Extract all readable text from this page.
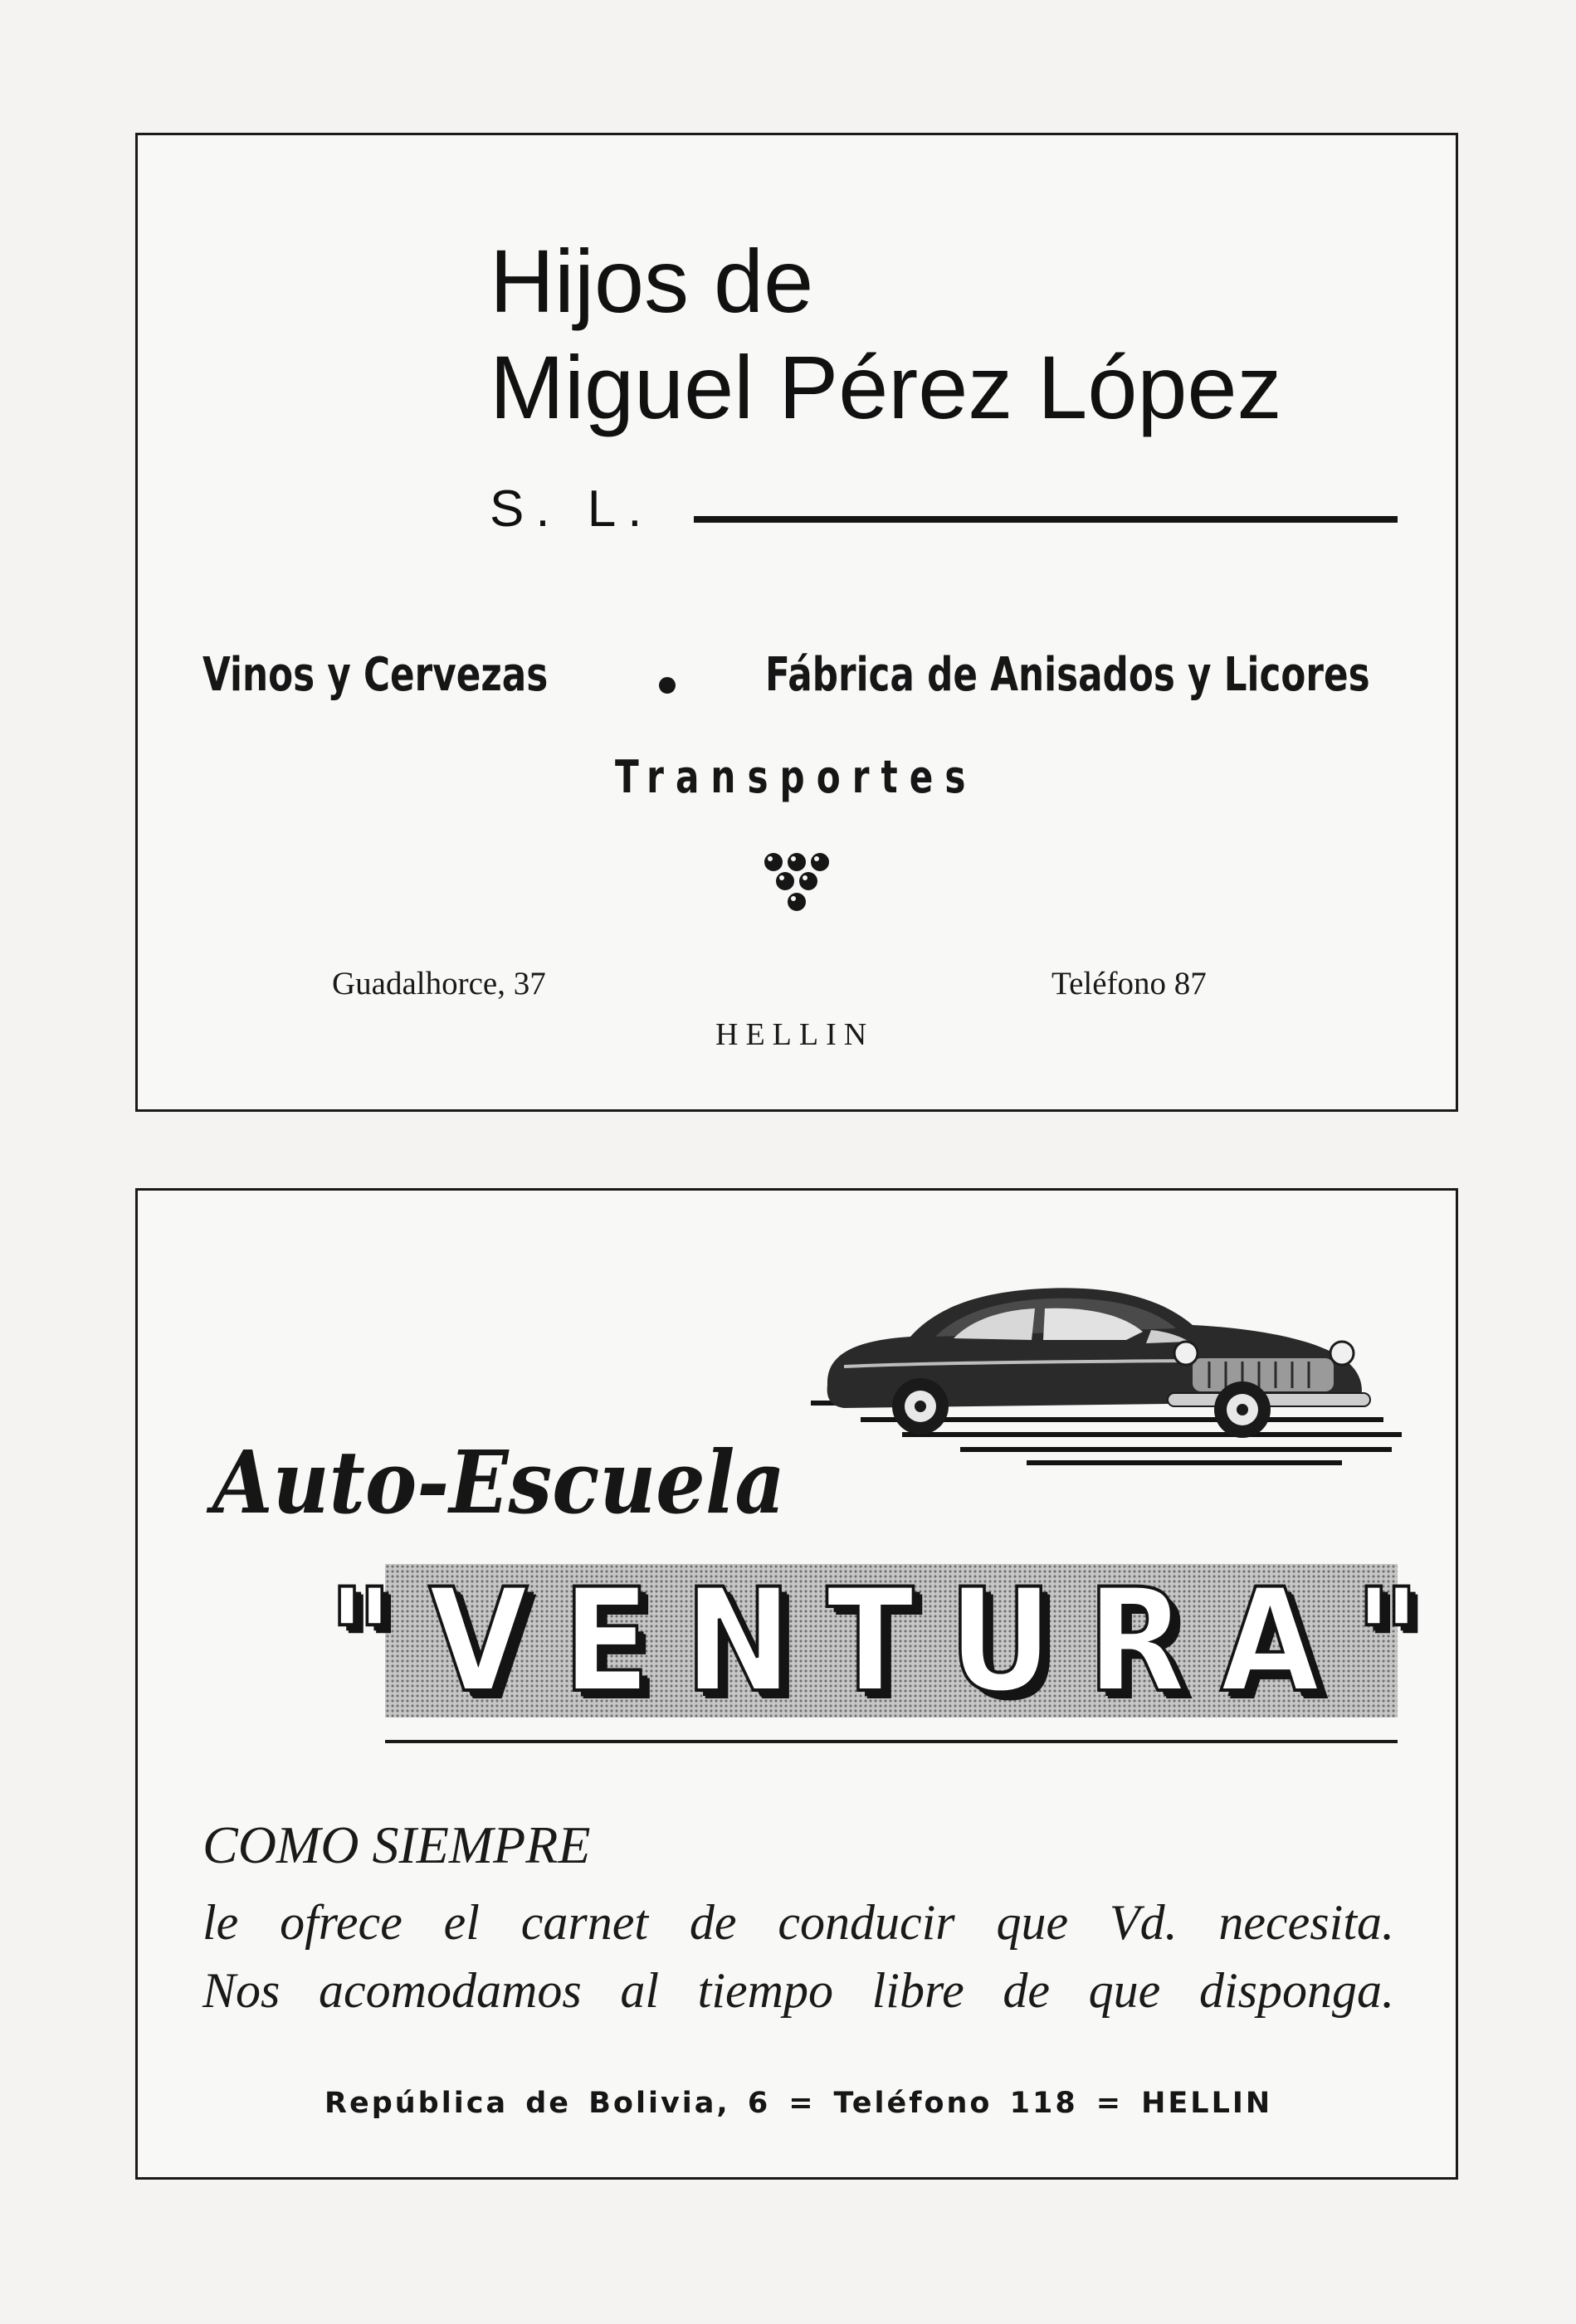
Hijos de
Miguel Pérez López
S. L.
Vinos y Cervezas	Fábrica de Anisados y Licores
Transportes
Guadalhorce, 37	Teléfono 87
HELLIN
Auto-Escuela
"VENTURA"
COMO SIEMPRE
le ofrece el carnet de conducir que Vd. necesita.
Nos acomodamos al tiempo libre de que disponga.
República de Bolivia, 6 = Teléfono 118 = HELLIN
